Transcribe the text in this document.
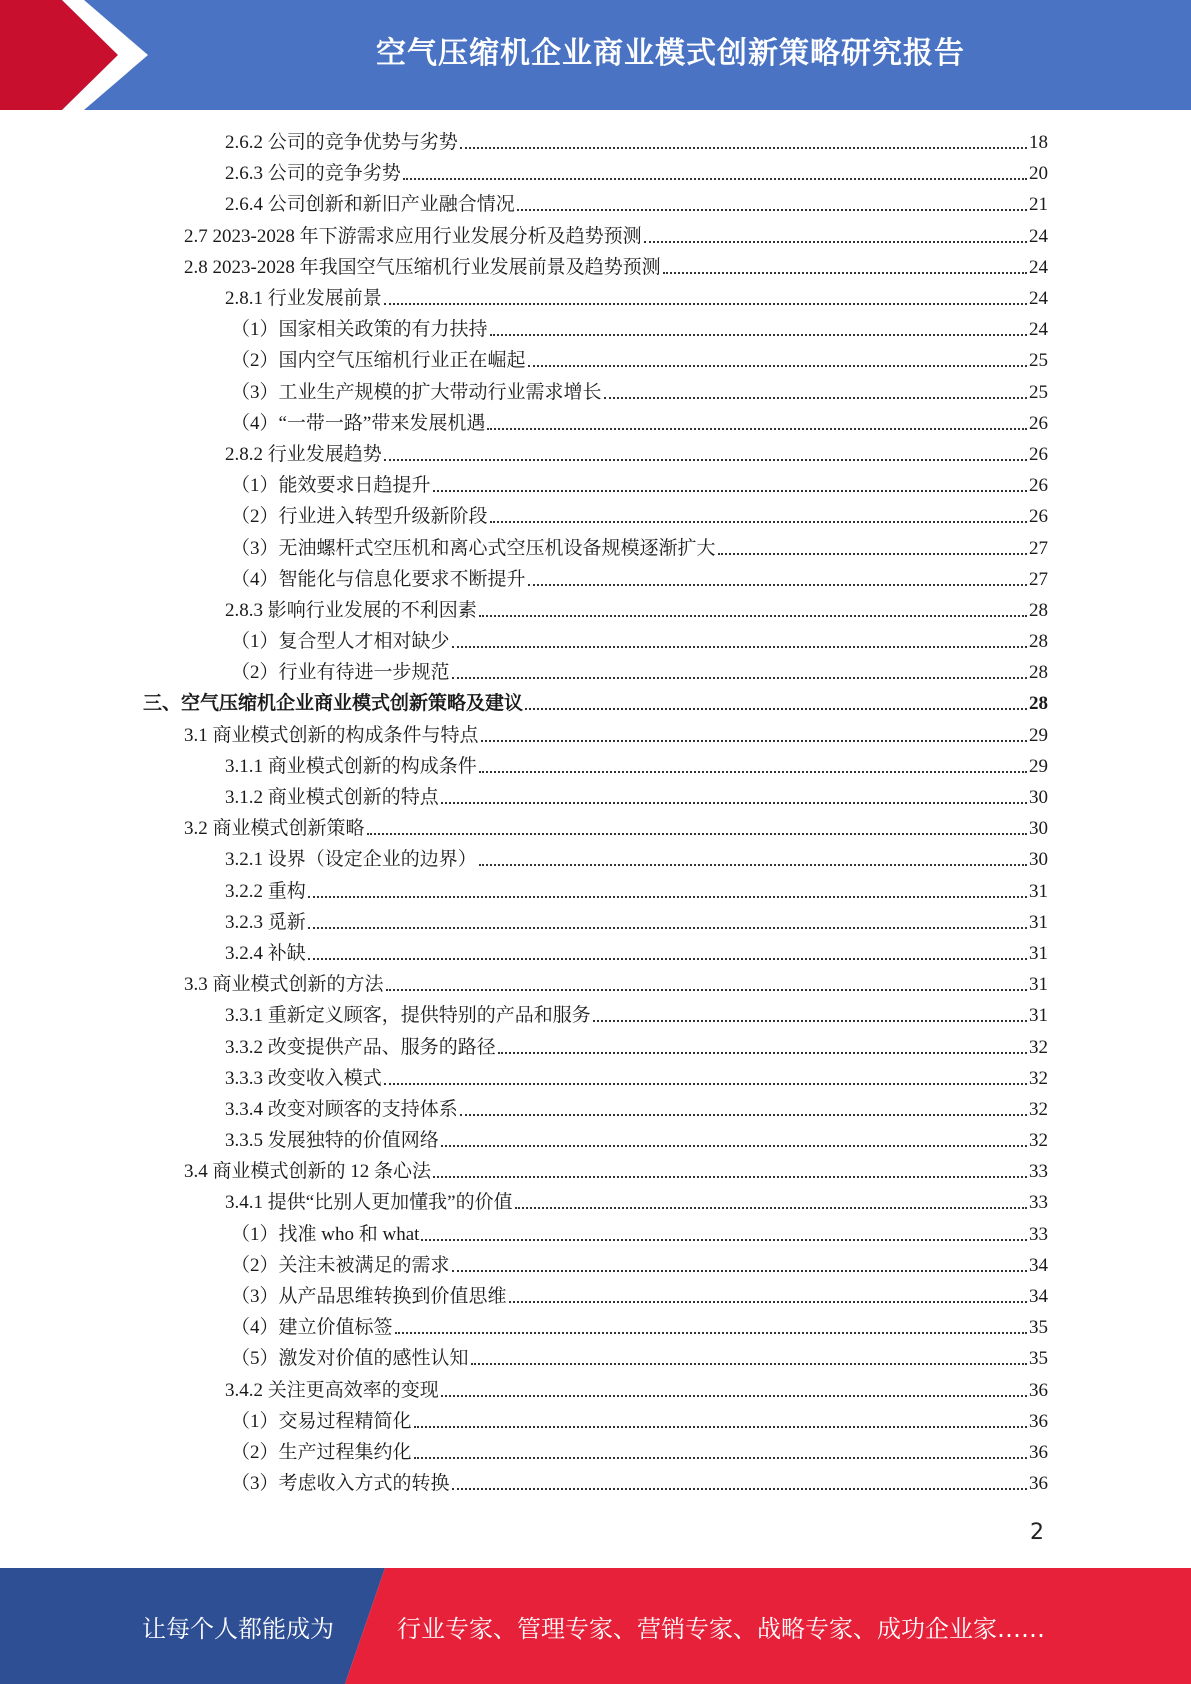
空气压缩机企业商业模式创新策略研究报告
2.6.2 公司的竞争优势与劣势	18
2.6.3 公司的竞争劣势	20
2.6.4 公司创新和新旧产业融合情况	21
2.7 2023-2028 年下游需求应用行业发展分析及趋势预测	24
2.8 2023-2028 年我国空气压缩机行业发展前景及趋势预测	24
2.8.1 行业发展前景	24
（1）国家相关政策的有力扶持	24
（2）国内空气压缩机行业正在崛起	25
（3）工业生产规模的扩大带动行业需求增长	25
（4）“一带一路”带来发展机遇	26
2.8.2 行业发展趋势	26
（1）能效要求日趋提升	26
（2）行业进入转型升级新阶段	26
（3）无油螺杆式空压机和离心式空压机设备规模逐渐扩大	27
（4）智能化与信息化要求不断提升	27
2.8.3 影响行业发展的不利因素	28
（1）复合型人才相对缺少	28
（2）行业有待进一步规范	28
三、空气压缩机企业商业模式创新策略及建议	28
3.1 商业模式创新的构成条件与特点	29
3.1.1 商业模式创新的构成条件	29
3.1.2 商业模式创新的特点	30
3.2 商业模式创新策略	30
3.2.1 设界（设定企业的边界）	30
3.2.2 重构	31
3.2.3 觅新	31
3.2.4 补缺	31
3.3 商业模式创新的方法	31
3.3.1 重新定义顾客，提供特别的产品和服务	31
3.3.2 改变提供产品、服务的路径	32
3.3.3 改变收入模式	32
3.3.4 改变对顾客的支持体系	32
3.3.5 发展独特的价值网络	32
3.4 商业模式创新的 12 条心法	33
3.4.1 提供“比别人更加懂我”的价值	33
（1）找准 who 和 what	33
（2）关注未被满足的需求	34
（3）从产品思维转换到价值思维	34
（4）建立价值标签	35
（5）激发对价值的感性认知	35
3.4.2 关注更高效率的变现	36
（1）交易过程精简化	36
（2）生产过程集约化	36
（3）考虑收入方式的转换	36
2
让每个人都能成为	行业专家、管理专家、营销专家、战略专家、成功企业家……
